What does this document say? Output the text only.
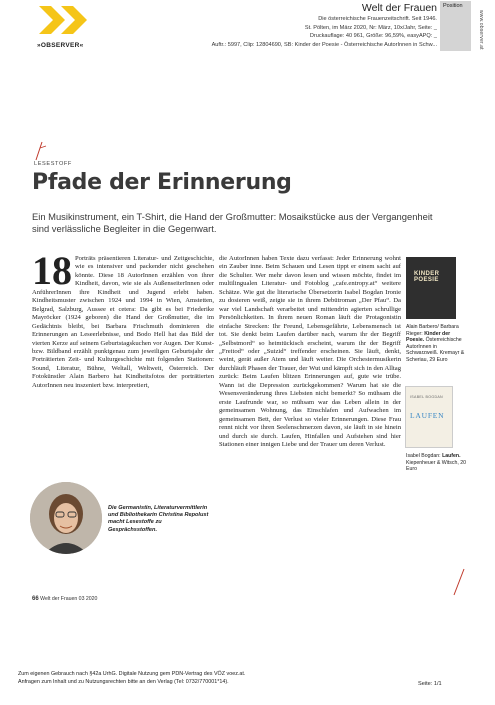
»OBSERVER«
Welt der Frauen
Die österreichische Frauenzeitschrift. Seit 1946.
St. Pölten, im März 2020, Nr: März, 10x/Jahr, Seite: _
Druckauflage: 40 961, Größe: 96,59%, easyAPQ: _
Auftr.: 5997, Clip: 12804690, SB: Kinder der Poesie - Österreichische AutorInnen in Schw...
Position
www.observer.at
LESESTOFF
Pfade der Erinnerung

Ein Musikinstrument, ein T-Shirt, die Hand der Großmutter: Mosaikstücke aus der Vergangenheit sind verlässliche Begleiter in die Gegenwart.

18 Porträts präsentieren Literatur- und Zeitgeschichte, wie es intensiver und packender nicht geschehen könnte. Diese 18 AutorInnen erzählen von ihrer Kindheit, davon, wie sie als AußenseiterInnen oder AnführerInnen ihre Kindheit und Jugend erlebt haben. Kindheitsmuster zwischen 1924 und 1994 in Wien, Amstetten, Belgrad, Salzburg, Aussee et cetera: Da gibt es bei Friederike Mayröcker (1924 geboren) die Hand der Großmutter, die im Gedächtnis bleibt, bei Barbara Frischmuth dominieren die Erinnerungen an Leseerlebnisse, und Bodo Hell hat das Bild der vierten Kerze auf seinem Geburtstagskuchen vor Augen. Der Kunst- bzw. Bildband erzählt punktgenau zum jeweiligen Geburtsjahr der Porträtierten Zeit- und Kulturgeschichte mit folgenden Stationen: Sound, Literatur, Bühne, Weltall, Weltweit, Österreich. Der Fotokünstler Alain Barbero hat Kindheitsfotos der porträtierten AutorInnen neu inszeniert bzw. interpretiert,
die AutorInnen haben Texte dazu verfasst: Jeder Erinnerung wohnt ein Zauber inne. Beim Schauen und Lesen tippt er einem sacht auf die Schulter. Wer mehr davon lesen und wissen möchte, findet im multilingualen Literatur- und Fotoblog „cafe.entropy.at“ weitere Schätze. Wie gut die literarische Übersetzerin Isabel Bogdan Ironie zu dosieren weiß, zeigte sie in ihrem Debütroman „Der Pfau“. Da war viel Landschaft verarbeitet und mittendrin agierten schrullige Persönlichkeiten. In ihrem neuen Roman läuft die Protagonistin einfache Strecken: Ihr Freund, Lebensgefährte, Lebensmensch ist tot. Sie denkt beim Laufen darüber nach, warum ihr der Begriff „Selbstmord“ so heimtückisch erscheint, warum ihr der Begriff „Freitod“ oder „Suizid“ treffender erscheinen. Sie läuft, denkt, weint, gerät außer Atem und läuft weiter. Die Orchestermusikerin durchläuft Phasen der Trauer, der Wut und kämpft sich in den Alltag zurück: Beim Laufen blitzen Erinnerungen auf, gute wie trübe. Wann ist die Depression zurückgekommen? Warum hat sie die Wesensveränderung ihres Liebsten nicht bemerkt? So mühsam die erste Laufrunde war, so mühsam war das Leben allein in der gemeinsamen Wohnung, das Einschlafen und Aufwachen im gemeinsamen Bett, der Verlust so vieler Erinnerungen. Diese Frau rennt nicht vor ihren Seelenschmerzen davon, sie läuft in sie hinein und durch sie durch. Laufen, Hinfallen und Aufstehen sind hier Stationen einer innigen Liebe und der Trauer um deren Verlust.
Die Germanistin, Literaturvermittlerin und Bibliothekarin Christina Repolust macht Lesestoffe zu Gesprächsstoffen.
66 Welt der Frauen 03 2020
KINDER POESIE
Alain Barbero/ Barbara Rieger: Kinder der Poesie. Österreichische AutorInnen in Schwarzweiß. Kremayr & Scheriau, 29 Euro
ISABEL BOGDAN
LAUFEN
Isabel Bogdan: Laufen. Kiepenheuer & Witsch, 20 Euro
Zum eigenen Gebrauch nach §42a UrhG. Digitale Nutzung gem PDN-Vertrag des VÖZ voez.at.
Anfragen zum Inhalt und zu Nutzungsrechten bitte an den Verlag (Tel: 0732/770001*14).	Seite: 1/1
